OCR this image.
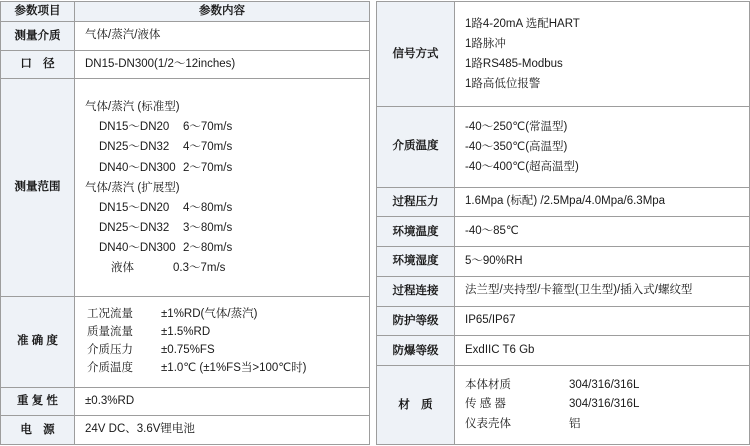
参数项目	参数内容
测量介质	气体/蒸汽/液体
口 径	DN15-DN300(1/2～12inches)
测量范围	
气体/蒸汽 (标准型)
DN15～DN20	6～70m/s
DN25～DN32	4～70m/s
DN40～DN300 2～70m/s
气体/蒸汽 (扩展型)
DN15～DN20	4～80m/s
DN25～DN32	3～80m/s
DN40～DN300 2～80m/s
液体	0.3～7m/s

准 确 度	
工况流量	±1%RD(气体/蒸汽)
质量流量	±1.5%RD
介质压力	±0.75%FS
介质温度	±1.0℃ (±1%FS当>100℃时)

重 复 性	±0.3%RD
电 源	24V DC、3.6V锂电池
信号方式	1路4-20mA 选配HART
1路脉冲
1路RS485-Modbus
1路高低位报警

介质温度	-40～250℃(常温型)
-40～350℃(高温型)
-40～400℃(超高温型)

过程压力	1.6Mpa (标配) /2.5Mpa/4.0Mpa/6.3Mpa
环境温度	-40～85℃
环境湿度	5～90%RH
过程连接	法兰型/夹持型/卡箍型(卫生型)/插入式/螺纹型
防护等级	IP65/IP67
防爆等级	ExdIIC T6 Gb
材 质	
本体材质	304/316/316L
传 感 器	304/316/316L
仪表壳体	铝
